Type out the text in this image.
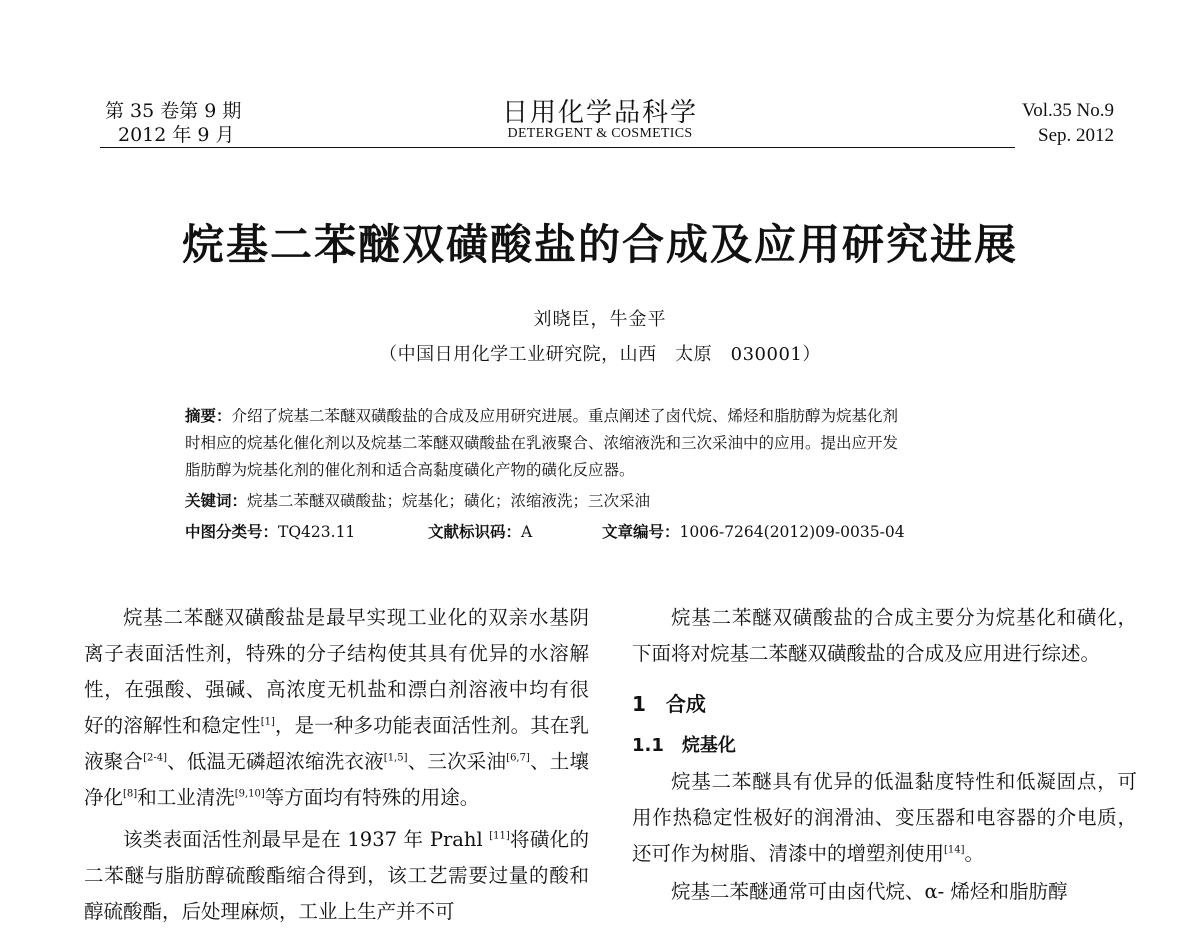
第 35 卷第 9 期
2012 年 9 月
日用化学品科学
DETERGENT & COSMETICS
Vol.35 No.9
Sep. 2012
烷基二苯醚双磺酸盐的合成及应用研究进展
刘晓臣，牛金平
（中国日用化学工业研究院，山西　太原　030001）
摘要：介绍了烷基二苯醚双磺酸盐的合成及应用研究进展。重点阐述了卤代烷、烯烃和脂肪醇为烷基化剂
时相应的烷基化催化剂以及烷基二苯醚双磺酸盐在乳液聚合、浓缩液洗和三次采油中的应用。提出应开发
脂肪醇为烷基化剂的催化剂和适合高黏度磺化产物的磺化反应器。
关键词：烷基二苯醚双磺酸盐；烷基化；磺化；浓缩液洗；三次采油
中图分类号：TQ423.11	文献标识码：A	文章编号：1006-7264(2012)09-0035-04

烷基二苯醚双磺酸盐是最早实现工业化的双亲水基阴离子表面活性剂，特殊的分子结构使其具有优异的水溶解性，在强酸、强碱、高浓度无机盐和漂白剂溶液中均有很好的溶解性和稳定性[1]，是一种多功能表面活性剂。其在乳液聚合[2-4]、低温无磷超浓缩洗衣液[1,5]、三次采油[6,7]、土壤净化[8]和工业清洗[9,10]等方面均有特殊的用途。

该类表面活性剂最早是在 1937 年 Prahl [11]将磺化的二苯醚与脂肪醇硫酸酯缩合得到，该工艺需要过量的酸和醇硫酸酯，后处理麻烦，工业上生产并不可

烷基二苯醚双磺酸盐的合成主要分为烷基化和磺化，下面将对烷基二苯醚双磺酸盐的合成及应用进行综述。

1　合成

1.1　烷基化

烷基二苯醚具有优异的低温黏度特性和低凝固点，可用作热稳定性极好的润滑油、变压器和电容器的介电质，还可作为树脂、清漆中的增塑剂使用[14]。

烷基二苯醚通常可由卤代烷、α- 烯烃和脂肪醇
